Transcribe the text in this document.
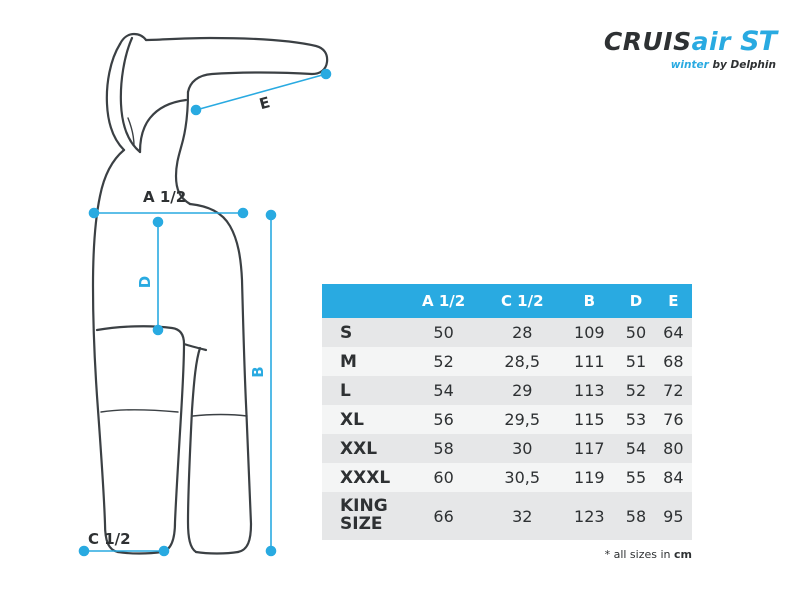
CRUISair ST
winter by Delphin
A 1/2
C 1/2
B
D
E
	A 1/2	C 1/2	B	D	E
S	50	28	109	50	64
M	52	28,5	111	51	68
L	54	29	113	52	72
XL	56	29,5	115	53	76
XXL	58	30	117	54	80
XXXL	60	30,5	119	55	84

KING
SIZE	66	32	123	58	95
* all sizes in cm
